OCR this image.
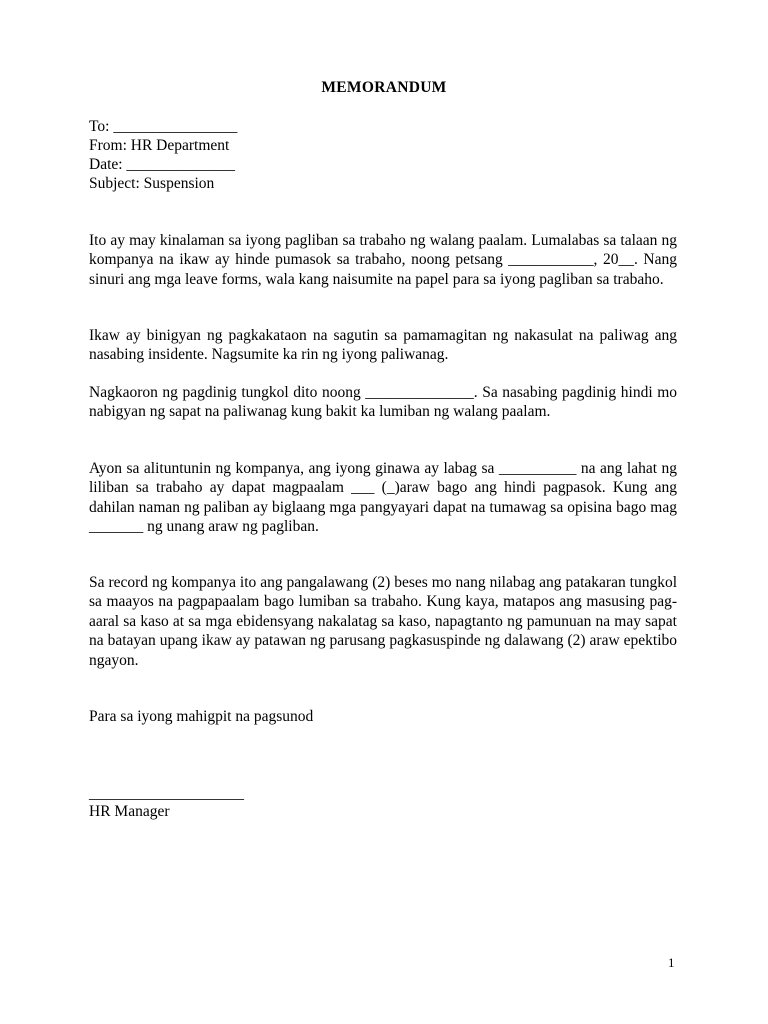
MEMORANDUM
To: ________________
From: HR Department
Date: ______________
Subject: Suspension
Ito ay may kinalaman sa iyong pagliban sa trabaho ng walang paalam. Lumalabas sa talaan ng kompanya na ikaw ay hinde pumasok sa trabaho, noong petsang ___________, 20__. Nang sinuri ang mga leave forms, wala kang naisumite na papel para sa iyong pagliban sa trabaho.
Ikaw ay binigyan ng pagkakataon na sagutin sa pamamagitan ng nakasulat na paliwag ang nasabing insidente. Nagsumite ka rin ng iyong paliwanag.
Nagkaoron ng pagdinig tungkol dito noong ______________. Sa nasabing pagdinig hindi mo nabigyan ng sapat na paliwanag kung bakit ka lumiban ng walang paalam.
Ayon sa alituntunin ng kompanya, ang iyong ginawa ay labag sa __________ na ang lahat ng liliban sa trabaho ay dapat magpaalam ___ (_)araw bago ang hindi pagpasok. Kung ang dahilan naman ng paliban ay biglaang mga pangyayari dapat na tumawag sa opisina bago mag _______ ng unang araw ng pagliban.
Sa record ng kompanya ito ang pangalawang (2) beses mo nang nilabag ang patakaran tungkol sa maayos na pagpapaalam bago lumiban sa trabaho. Kung kaya, matapos ang masusing pag-aaral sa kaso at sa mga ebidensyang nakalatag sa kaso, napagtanto ng pamunuan na may sapat na batayan upang ikaw ay patawan ng parusang pagkasuspinde ng dalawang (2) araw epektibo ngayon.
Para sa iyong mahigpit na pagsunod
____________________
HR Manager
1
